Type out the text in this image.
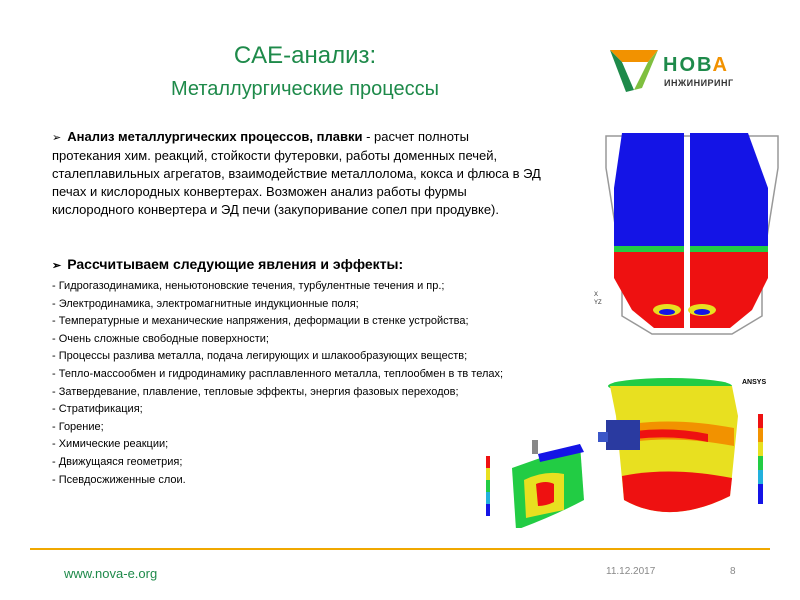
CAE-анализ:
Металлургические процессы
НОВА
ИНЖИНИРИНГ
➢ Анализ металлургических процессов, плавки - расчет полноты
протекания хим. реакций, стойкости футеровки, работы доменных печей,
сталеплавильных агрегатов, взаимодействие металлолома, кокса и флюса в ЭД
печах и кислородных конвертерах. Возможен анализ работы фурмы
кислородного конвертера и ЭД печи (закупоривание сопел при продувке).
➢ Рассчитываем следующие явления и эффекты:
- Гидрогазодинамика, неньютоновские течения, турбулентные течения и пр.;
- Электродинамика, электромагнитные индукционные поля;
- Температурные и механические напряжения, деформации в стенке устройства;
- Очень сложные свободные поверхности;
- Процессы разлива металла, подача легирующих и шлакообразующих веществ;
- Тепло-массообмен и гидродинамику расплавленного металла, теплообмен в тв телах;
- Затвердевание, плавление, тепловые эффекты, энергия фазовых переходов;
- Стратификация;
- Горение;
- Химические реакции;
- Движущаяся геометрия;
- Псевдосжиженные слои.
X
Y Z
ANSYS
www.nova-e.org	11.12.2017	8
